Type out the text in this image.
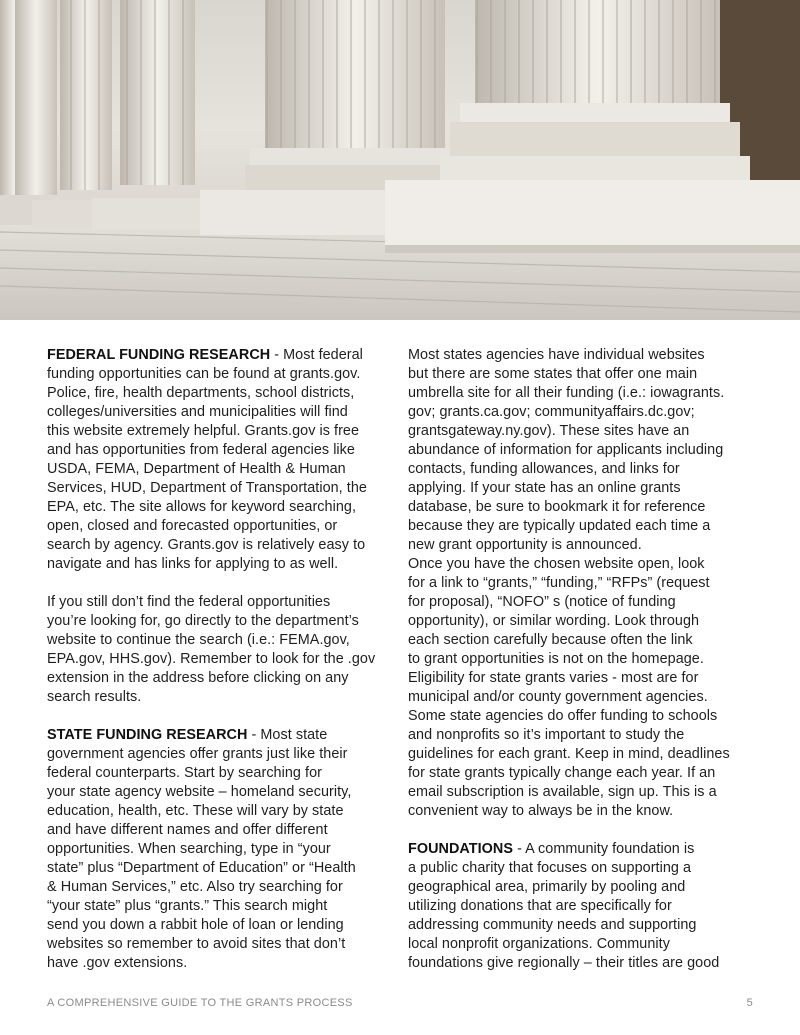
FEDERAL FUNDING RESEARCH - Most federal
funding opportunities can be found at grants.gov.
Police, fire, health departments, school districts,
colleges/universities and municipalities will find
this website extremely helpful. Grants.gov is free
and has opportunities from federal agencies like
USDA, FEMA, Department of Health & Human
Services, HUD, Department of Transportation, the
EPA, etc. The site allows for keyword searching,
open, closed and forecasted opportunities, or
search by agency. Grants.gov is relatively easy to
navigate and has links for applying to as well.

If you still don’t find the federal opportunities
you’re looking for, go directly to the department’s
website to continue the search (i.e.: FEMA.gov,
EPA.gov, HHS.gov). Remember to look for the .gov
extension in the address before clicking on any
search results.

STATE FUNDING RESEARCH - Most state
government agencies offer grants just like their
federal counterparts. Start by searching for
your state agency website – homeland security,
education, health, etc. These will vary by state
and have different names and offer different
opportunities. When searching, type in “your
state” plus “Department of Education” or “Health
& Human Services,” etc. Also try searching for
“your state” plus “grants.” This search might
send you down a rabbit hole of loan or lending
websites so remember to avoid sites that don’t
have .gov extensions.

Most states agencies have individual websites
but there are some states that offer one main
umbrella site for all their funding (i.e.: iowagrants.
gov; grants.ca.gov; communityaffairs.dc.gov;
grantsgateway.ny.gov). These sites have an
abundance of information for applicants including
contacts, funding allowances, and links for
applying. If your state has an online grants
database, be sure to bookmark it for reference
because they are typically updated each time a
new grant opportunity is announced.

Once you have the chosen website open, look
for a link to “grants,” “funding,” “RFPs” (request
for proposal), “NOFO” s (notice of funding
opportunity), or similar wording. Look through
each section carefully because often the link
to grant opportunities is not on the homepage.
Eligibility for state grants varies - most are for
municipal and/or county government agencies.
Some state agencies do offer funding to schools
and nonprofits so it’s important to study the
guidelines for each grant. Keep in mind, deadlines
for state grants typically change each year. If an
email subscription is available, sign up. This is a
convenient way to always be in the know.

FOUNDATIONS - A community foundation is
a public charity that focuses on supporting a
geographical area, primarily by pooling and
utilizing donations that are specifically for
addressing community needs and supporting
local nonprofit organizations. Community
foundations give regionally – their titles are good

A COMPREHENSIVE GUIDE TO THE GRANTS PROCESS	5
